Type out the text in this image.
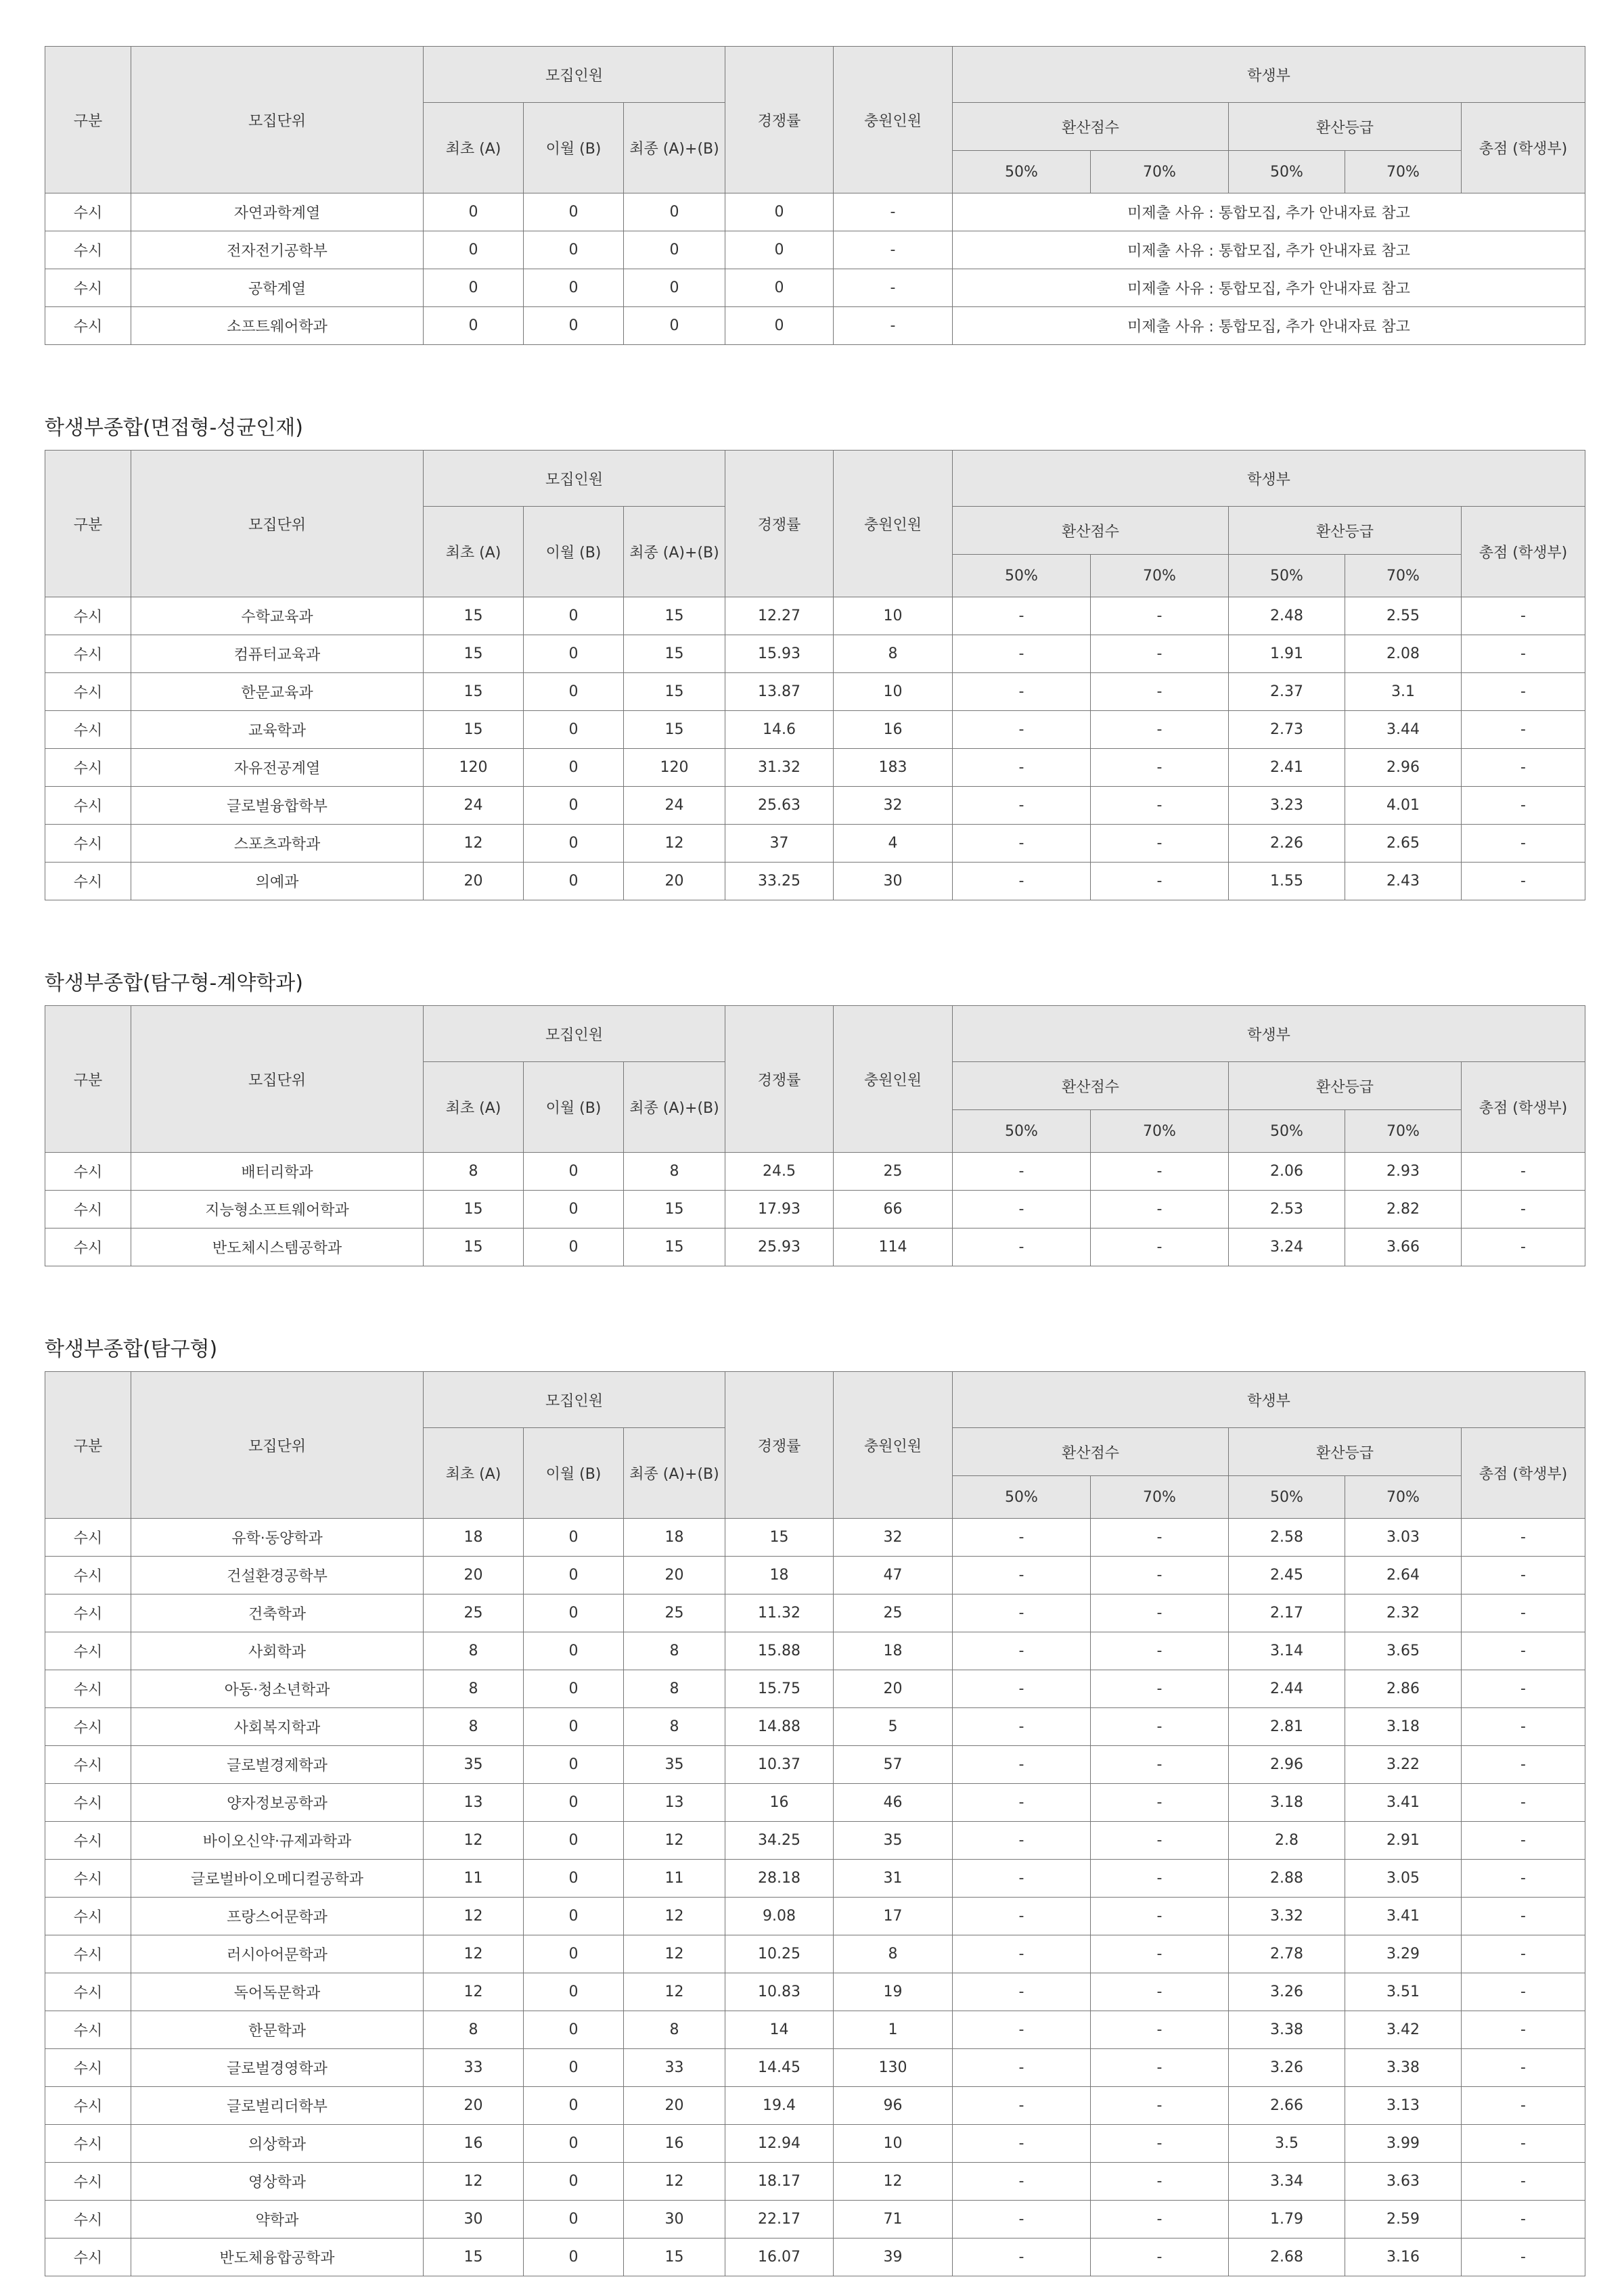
구분	모집단위	모집인원			경쟁률	충원인원	학생부				
		최초 (A)	이월 (B)	최종 (A)+(B)			환산점수		환산등급		총점 (학생부)
							50%	70%	50%	70%	
수시	자연과학계열	0	0	0	0	-	미제출 사유 : 통합모집, 추가 안내자료 참고				
수시	전자전기공학부	0	0	0	0	-	미제출 사유 : 통합모집, 추가 안내자료 참고				
수시	공학계열	0	0	0	0	-	미제출 사유 : 통합모집, 추가 안내자료 참고				
수시	소프트웨어학과	0	0	0	0	-	미제출 사유 : 통합모집, 추가 안내자료 참고				
학생부종합(면접형-성균인재)
구분	모집단위	모집인원			경쟁률	충원인원	학생부				
		최초 (A)	이월 (B)	최종 (A)+(B)			환산점수		환산등급		총점 (학생부)
							50%	70%	50%	70%	
수시	수학교육과	15	0	15	12.27	10	-	-	2.48	2.55	-
수시	컴퓨터교육과	15	0	15	15.93	8	-	-	1.91	2.08	-
수시	한문교육과	15	0	15	13.87	10	-	-	2.37	3.1	-
수시	교육학과	15	0	15	14.6	16	-	-	2.73	3.44	-
수시	자유전공계열	120	0	120	31.32	183	-	-	2.41	2.96	-
수시	글로벌융합학부	24	0	24	25.63	32	-	-	3.23	4.01	-
수시	스포츠과학과	12	0	12	37	4	-	-	2.26	2.65	-
수시	의예과	20	0	20	33.25	30	-	-	1.55	2.43	-
학생부종합(탐구형-계약학과)
구분	모집단위	모집인원			경쟁률	충원인원	학생부				
		최초 (A)	이월 (B)	최종 (A)+(B)			환산점수		환산등급		총점 (학생부)
							50%	70%	50%	70%	
수시	배터리학과	8	0	8	24.5	25	-	-	2.06	2.93	-
수시	지능형소프트웨어학과	15	0	15	17.93	66	-	-	2.53	2.82	-
수시	반도체시스템공학과	15	0	15	25.93	114	-	-	3.24	3.66	-
학생부종합(탐구형)
구분	모집단위	모집인원			경쟁률	충원인원	학생부				
		최초 (A)	이월 (B)	최종 (A)+(B)			환산점수		환산등급		총점 (학생부)
							50%	70%	50%	70%	
수시	유학·동양학과	18	0	18	15	32	-	-	2.58	3.03	-
수시	건설환경공학부	20	0	20	18	47	-	-	2.45	2.64	-
수시	건축학과	25	0	25	11.32	25	-	-	2.17	2.32	-
수시	사회학과	8	0	8	15.88	18	-	-	3.14	3.65	-
수시	아동·청소년학과	8	0	8	15.75	20	-	-	2.44	2.86	-
수시	사회복지학과	8	0	8	14.88	5	-	-	2.81	3.18	-
수시	글로벌경제학과	35	0	35	10.37	57	-	-	2.96	3.22	-
수시	양자정보공학과	13	0	13	16	46	-	-	3.18	3.41	-
수시	바이오신약·규제과학과	12	0	12	34.25	35	-	-	2.8	2.91	-
수시	글로벌바이오메디컬공학과	11	0	11	28.18	31	-	-	2.88	3.05	-
수시	프랑스어문학과	12	0	12	9.08	17	-	-	3.32	3.41	-
수시	러시아어문학과	12	0	12	10.25	8	-	-	2.78	3.29	-
수시	독어독문학과	12	0	12	10.83	19	-	-	3.26	3.51	-
수시	한문학과	8	0	8	14	1	-	-	3.38	3.42	-
수시	글로벌경영학과	33	0	33	14.45	130	-	-	3.26	3.38	-
수시	글로벌리더학부	20	0	20	19.4	96	-	-	2.66	3.13	-
수시	의상학과	16	0	16	12.94	10	-	-	3.5	3.99	-
수시	영상학과	12	0	12	18.17	12	-	-	3.34	3.63	-
수시	약학과	30	0	30	22.17	71	-	-	1.79	2.59	-
수시	반도체융합공학과	15	0	15	16.07	39	-	-	2.68	3.16	-
